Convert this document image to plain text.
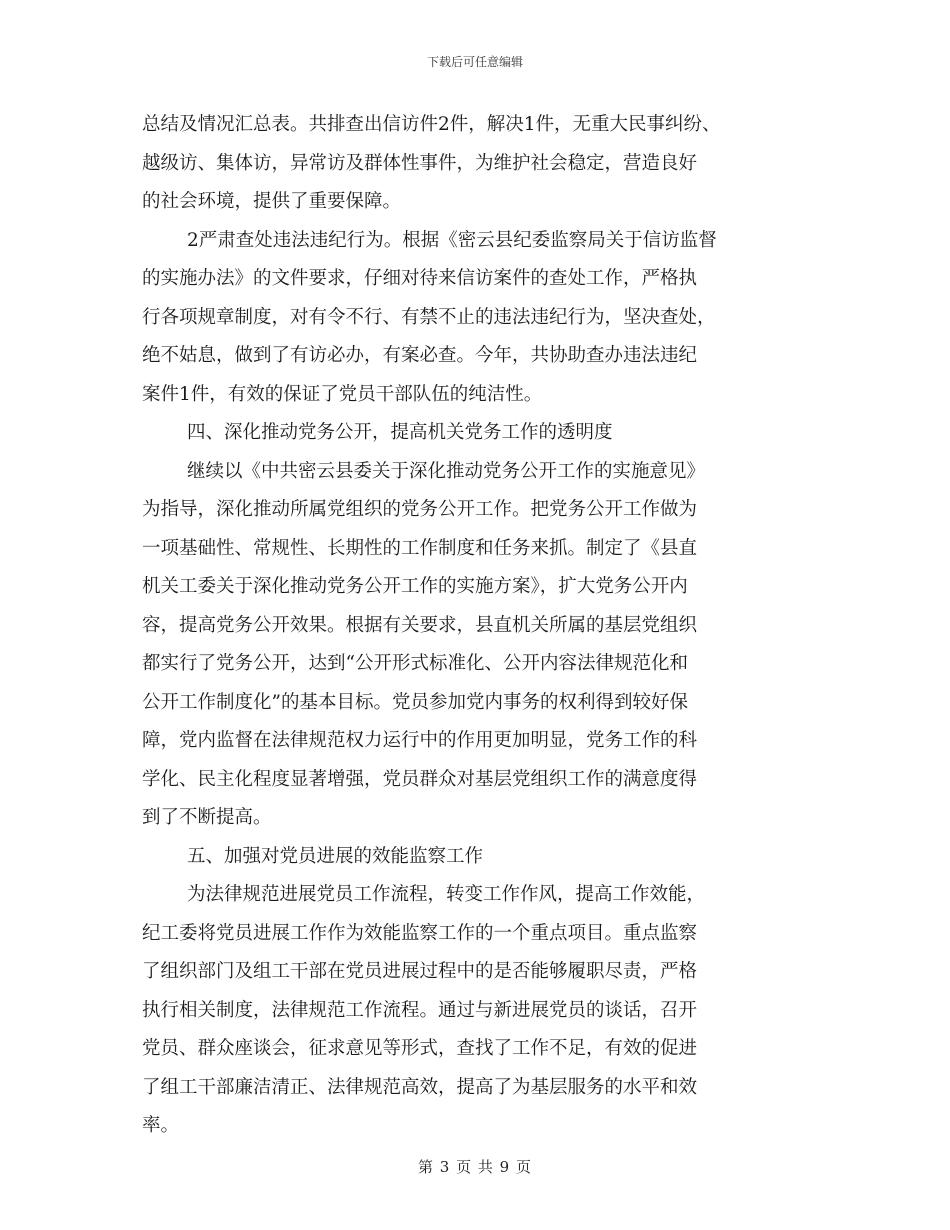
下载后可任意编辑
总结及情况汇总表。共排查出信访件2件，解决1件，无重大民事纠纷、
越级访、集体访，异常访及群体性事件，为维护社会稳定，营造良好
的社会环境，提供了重要保障。
2严肃查处违法违纪行为。根据《密云县纪委监察局关于信访监督
的实施办法》的文件要求，仔细对待来信访案件的查处工作，严格执
行各项规章制度，对有令不行、有禁不止的违法违纪行为，坚决查处，
绝不姑息，做到了有访必办，有案必查。今年，共协助查办违法违纪
案件1件，有效的保证了党员干部队伍的纯洁性。
四、深化推动党务公开，提高机关党务工作的透明度
继续以《中共密云县委关于深化推动党务公开工作的实施意见》
为指导，深化推动所属党组织的党务公开工作。把党务公开工作做为
一项基础性、常规性、长期性的工作制度和任务来抓。制定了《县直
机关工委关于深化推动党务公开工作的实施方案》，扩大党务公开内
容，提高党务公开效果。根据有关要求，县直机关所属的基层党组织
都实行了党务公开，达到“公开形式标准化、公开内容法律规范化和
公开工作制度化”的基本目标。党员参加党内事务的权利得到较好保
障，党内监督在法律规范权力运行中的作用更加明显，党务工作的科
学化、民主化程度显著增强，党员群众对基层党组织工作的满意度得
到了不断提高。
五、加强对党员进展的效能监察工作
为法律规范进展党员工作流程，转变工作作风，提高工作效能，
纪工委将党员进展工作作为效能监察工作的一个重点项目。重点监察
了组织部门及组工干部在党员进展过程中的是否能够履职尽责，严格
执行相关制度，法律规范工作流程。通过与新进展党员的谈话，召开
党员、群众座谈会，征求意见等形式，查找了工作不足，有效的促进
了组工干部廉洁清正、法律规范高效，提高了为基层服务的水平和效
率。
第 3 页 共 9 页
